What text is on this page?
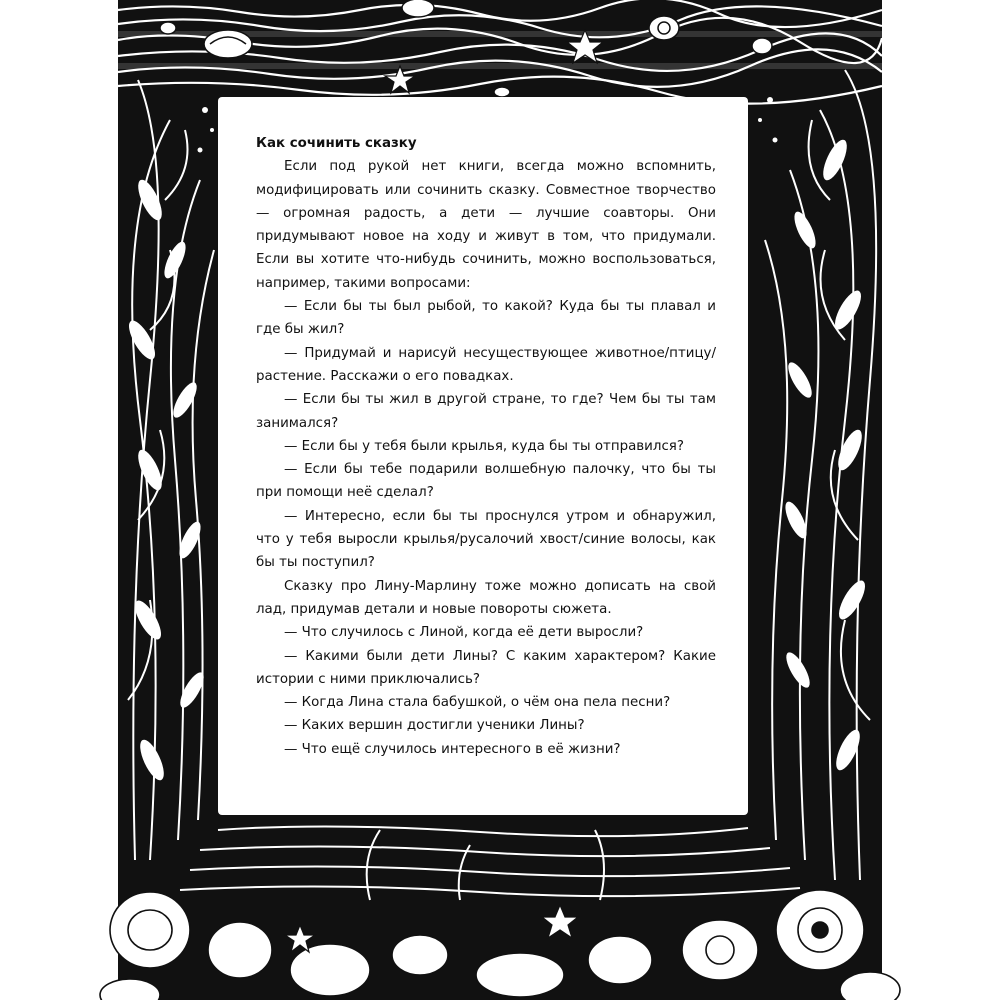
Как сочинить сказку

Если под рукой нет книги, всегда можно вспомнить, модифицировать или сочинить сказку. Совместное творчество — огромная радость, а дети — лучшие соавторы. Они придумывают новое на ходу и живут в том, что придумали. Если вы хотите что-нибудь сочинить, можно воспользоваться, например, такими вопросами:

— Если бы ты был рыбой, то какой? Куда бы ты плавал и где бы жил?

— Придумай и нарисуй несуществующее животное/птицу/растение. Расскажи о его повадках.

— Если бы ты жил в другой стране, то где? Чем бы ты там занимался?

— Если бы у тебя были крылья, куда бы ты отправился?

— Если бы тебе подарили волшебную палочку, что бы ты при помощи неё сделал?

— Интересно, если бы ты проснулся утром и обнаружил, что у тебя выросли крылья/русалочий хвост/синие волосы, как бы ты поступил?

Сказку про Лину-Марлину тоже можно дописать на свой лад, придумав детали и новые повороты сюжета.

— Что случилось с Линой, когда её дети выросли?

— Какими были дети Лины? С каким характером? Какие истории с ними приключались?

— Когда Лина стала бабушкой, о чём она пела песни?

— Каких вершин достигли ученики Лины?

— Что ещё случилось интересного в её жизни?
